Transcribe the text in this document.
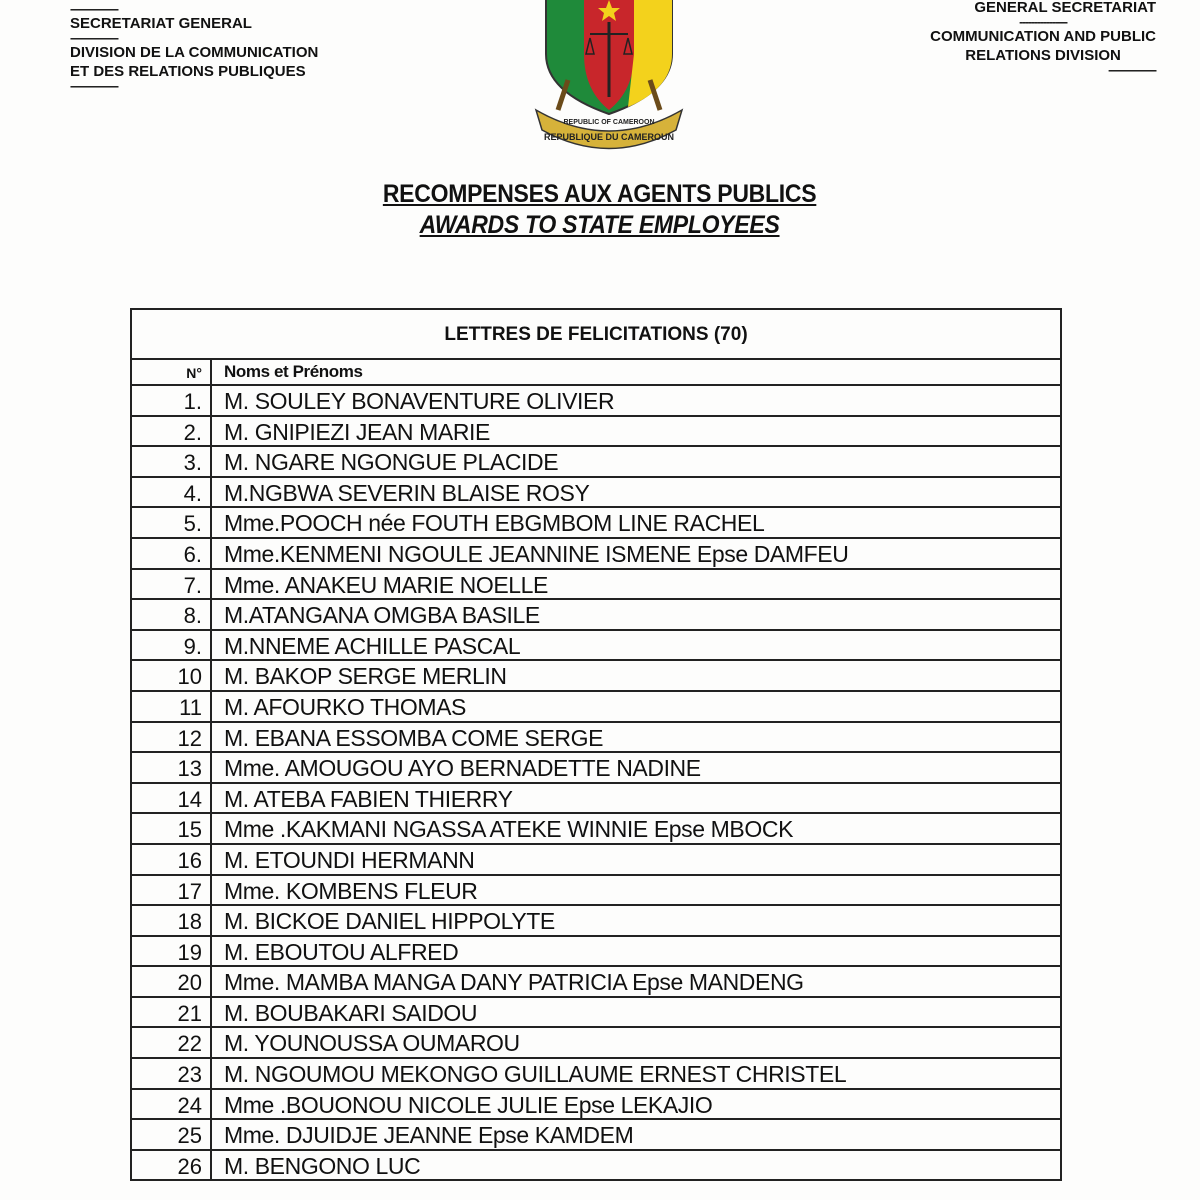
----------------
SECRETARIAT GENERAL
----------------
DIVISION DE LA COMMUNICATION
ET DES RELATIONS PUBLIQUES
----------------
GENERAL SECRETARIAT
----------------
COMMUNICATION AND PUBLIC
RELATIONS DIVISION
----------------
REPUBLIC OF CAMEROON
REPUBLIQUE DU CAMEROUN
RECOMPENSES AUX AGENTS PUBLICS
AWARDS TO STATE EMPLOYEES
LETTRES DE FELICITATIONS (70)
N°	Noms et Prénoms
1. M. SOULEY BONAVENTURE OLIVIER
2. M. GNIPIEZI JEAN MARIE
3. M. NGARE NGONGUE PLACIDE
4. M.NGBWA SEVERIN BLAISE ROSY
5. Mme.POOCH née FOUTH EBGMBOM LINE RACHEL
6. Mme.KENMENI NGOULE JEANNINE ISMENE Epse DAMFEU
7. Mme. ANAKEU MARIE NOELLE
8. M.ATANGANA OMGBA BASILE
9. M.NNEME ACHILLE PASCAL
10 M. BAKOP SERGE MERLIN
11 M. AFOURKO THOMAS
12 M. EBANA ESSOMBA COME SERGE
13 Mme. AMOUGOU AYO BERNADETTE NADINE
14 M. ATEBA FABIEN THIERRY
15 Mme .KAKMANI NGASSA ATEKE WINNIE Epse MBOCK
16 M. ETOUNDI HERMANN
17 Mme. KOMBENS FLEUR
18 M. BICKOE DANIEL HIPPOLYTE
19 M. EBOUTOU ALFRED
20 Mme. MAMBA MANGA DANY PATRICIA Epse MANDENG
21 M. BOUBAKARI SAIDOU
22 M. YOUNOUSSA OUMAROU
23 M. NGOUMOU MEKONGO GUILLAUME ERNEST CHRISTEL
24 Mme .BOUONOU NICOLE JULIE Epse LEKAJIO
25 Mme. DJUIDJE JEANNE Epse KAMDEM
26 M. BENGONO LUC
